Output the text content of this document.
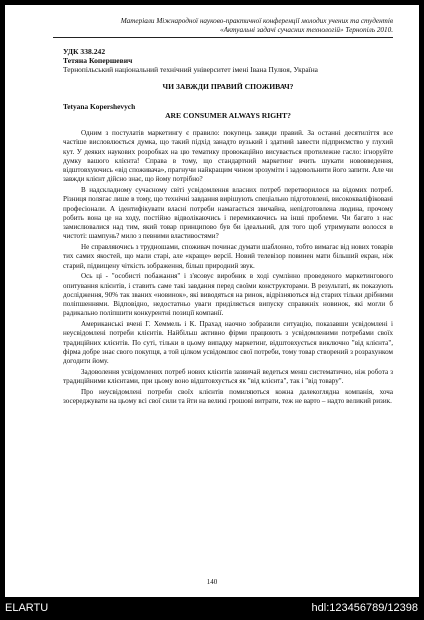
Матеріали Міжнародної науково-практичної конференції молодих учених та студентів
«Актуальні задачі сучасних технологій» Тернопіль 2010.
УДК 338.242
Тетяна Копершевич
Тернопільський національний технічний університет імені Івана Пулюя, Україна
ЧИ ЗАВЖДИ ПРАВИЙ СПОЖИВАЧ?
Tetyana Kopershevych
ARE CONSUMER ALWAYS RIGHT?

Одним з постулатів маркетингу є правило: покупець завжди правий. За останні десятиліття все частіше висловлюється думка, що такий підхід занадто вузький і здатний завести підприємство у глухий кут. У деяких наукових розробках на цю тематику провокаційно висувається протилежне гасло: ігноруйте думку вашого клієнта! Справа в тому, що стандартний маркетинг вчить шукати нововведення, відштовхуючись «від споживача», прагнучи найкращим чином зрозуміти і задовольнити його запити. Але чи завжди клієнт дійсно знає, що йому потрібно?

В надскладному сучасному світі усвідомлення власних потреб перетворилося на відомих потреб. Різниця полягає лише в тому, що технічні завдання вирішують спеціально підготовлені, висококваліфіковані професіонали. А ідентифікувати власні потреби намагається звичайна, непідготовлена людина, прочому робить вона це на ходу, постійно відволікаючись і перемикаючись на інші проблеми. Чи багато з нас замислювалися над тим, який товар принципово був би ідеальний, для того щоб утримувати волосся в чистоті: шампунь? мило з певними властивостями?

Не справляючись з трудношами, споживач починає думати шаблонно, тобто вимагає від нових товарів тих самих якостей, що мали старі, але «краще» версії. Новий телевізор повинен мати більший екран, ніж старий, підвищену чіткість зображення, більш природний звук.

Ось ці - "особисті побажання" і з'ясовує виробник в ході сумлінно проведеного маркетингового опитування клієнтів, і ставить саме такі завдання перед своїми конструкторами. В результаті, як показують дослідження, 90% так званих «новинок», які виводяться на ринок, відрізняються від старих тільки дрібними поліпшеннями. Відповідно, недостатньо уваги приділяється випуску справжніх новинок, які могли б радикально поліпшити конкурентні позиції компанії.

Американські вчені Г. Хеммель і К. Прахад наочно зобразили ситуацію, показавши усвідомлені і неусвідомлені потреби клієнтів. Найбільш активно фірми працюють з усвідомленими потребами своїх традиційних клієнтів. По суті, тільки в цьому випадку маркетинг, відштовхується виключно "від клієнта", фірма добре знає свого покупця, а той цілком усвідомлює свої потреби, тому товар створений з розрахунком догодити йому.

Задоволення усвідомлених потреб нових клієнтів зазвичай ведеться менш систематично, ніж робота з традиційними клієнтами, при цьому воно відштовхується як "від клієнта", так і "від товару".

Про неусвідомлені потреби своїх клієнтів помиляються кожна далекоглядна компанія, хоча зосереджувати на цьому всі свої сили та йти на великі грошові витрати, теж не варто – надто великий ризик.

140
ELARTU	hdl:123456789/12398
